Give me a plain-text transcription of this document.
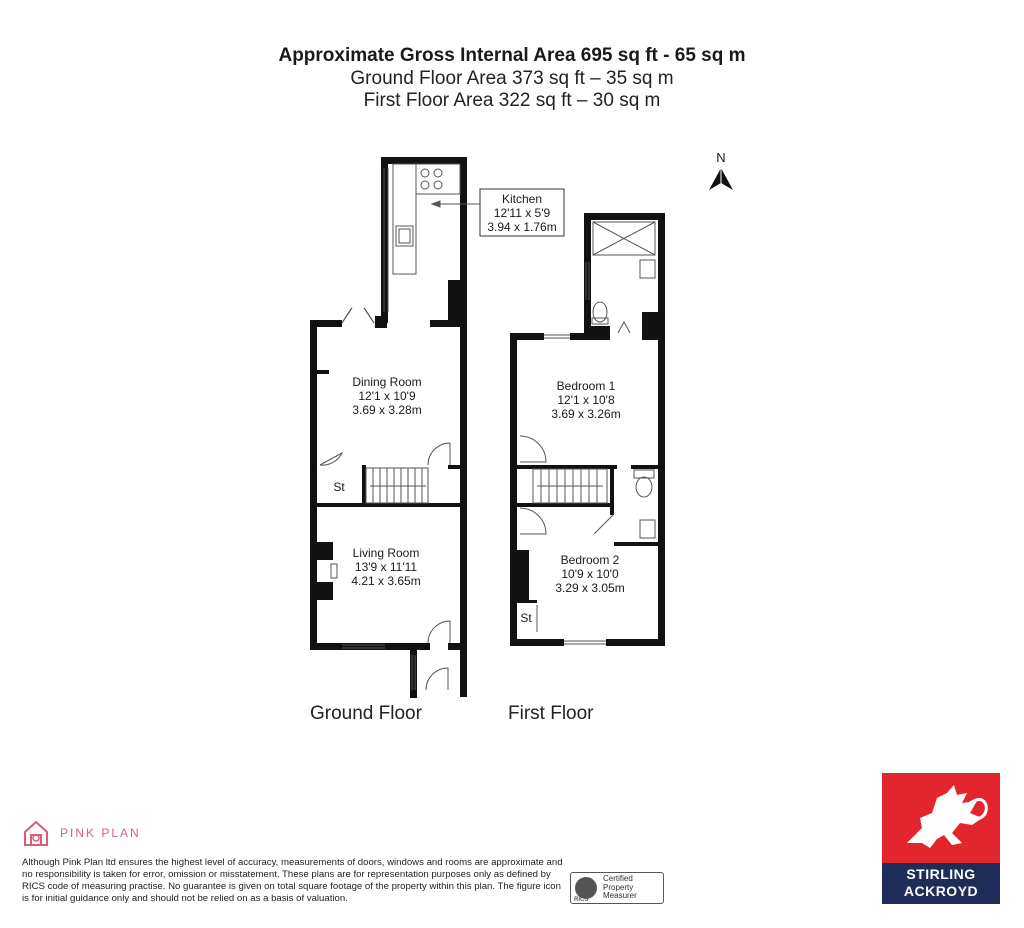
Approximate Gross Internal Area 695 sq ft - 65 sq m
Ground Floor Area 373 sq ft – 35 sq m
First Floor Area 322 sq ft – 30 sq m
N
Kitchen
12'11 x 5'9
3.94 x 1.76m
Dining Room
12'1 x 10'9
3.69 x 3.28m
St
Living Room
13'9 x 11'11
4.21 x 3.65m
Bedroom 1
12'1 x 10'8
3.69 x 3.26m
Bedroom 2
10'9 x 10'0
3.29 x 3.05m
St
Ground Floor	First Floor
PINK PLAN
Although Pink Plan ltd ensures the highest level of accuracy, measurements of doors, windows and rooms are approximate and no responsibility is taken for error, omission or misstatement. These plans are for representation purposes only as defined by RICS code of measuring practise. No guarantee is given on total square footage of the property within this plan. The figure icon is for initial guidance only and should not be relied on as a basis of valuation.	RICS
Certified Property Measurer
STIRLING
ACKROYD
